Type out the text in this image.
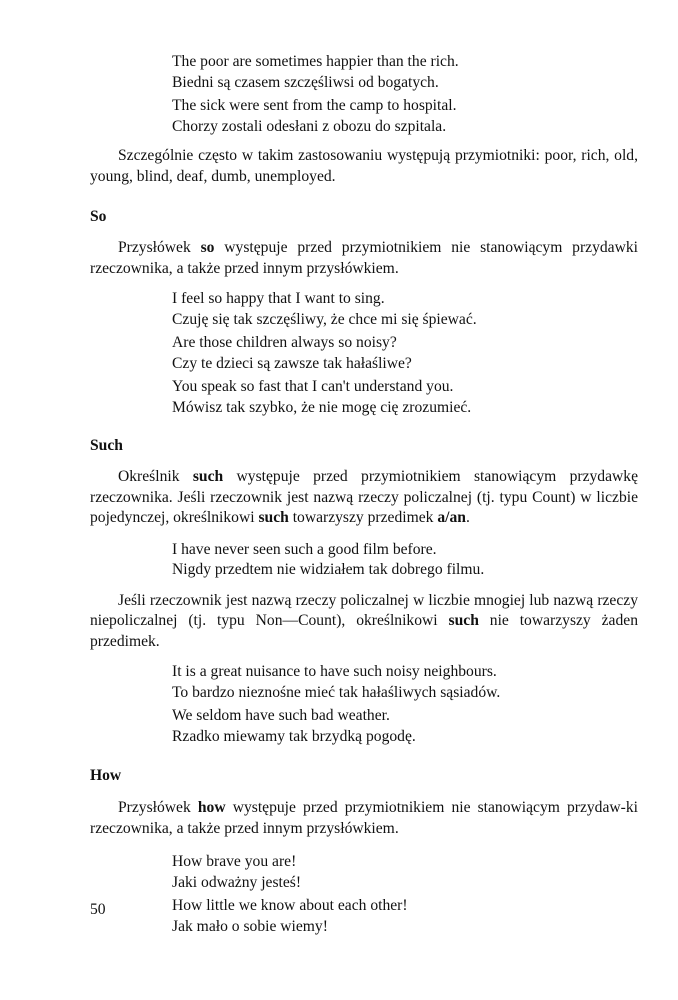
The poor are sometimes happier than the rich.
Biedni są czasem szczęśliwsi od bogatych.
The sick were sent from the camp to hospital.
Chorzy zostali odesłani z obozu do szpitala.

Szczególnie często w takim zastosowaniu występują przymiotniki: poor, rich, old, young, blind, deaf, dumb, unemployed.

So

Przysłówek so występuje przed przymiotnikiem nie stanowiącym przydawki rzeczownika, a także przed innym przysłówkiem.

I feel so happy that I want to sing.
Czuję się tak szczęśliwy, że chce mi się śpiewać.
Are those children always so noisy?
Czy te dzieci są zawsze tak hałaśliwe?
You speak so fast that I can't understand you.
Mówisz tak szybko, że nie mogę cię zrozumieć.

Such

Określnik such występuje przed przymiotnikiem stanowiącym przydawkę rzeczownika. Jeśli rzeczownik jest nazwą rzeczy policzalnej (tj. typu Count) w liczbie pojedynczej, określnikowi such towarzyszy przedimek a/an.

I have never seen such a good film before.
Nigdy przedtem nie widziałem tak dobrego filmu.

Jeśli rzeczownik jest nazwą rzeczy policzalnej w liczbie mnogiej lub nazwą rzeczy niepoliczalnej (tj. typu Non—Count), określnikowi such nie towarzyszy żaden przedimek.

It is a great nuisance to have such noisy neighbours.
To bardzo nieznośne mieć tak hałaśliwych sąsiadów.
We seldom have such bad weather.
Rzadko miewamy tak brzydką pogodę.

How

Przysłówek how występuje przed przymiotnikiem nie stanowiącym przydaw-ki rzeczownika, a także przed innym przysłówkiem.

How brave you are!
Jaki odważny jesteś!
How little we know about each other!
Jak mało o sobie wiemy!
50
